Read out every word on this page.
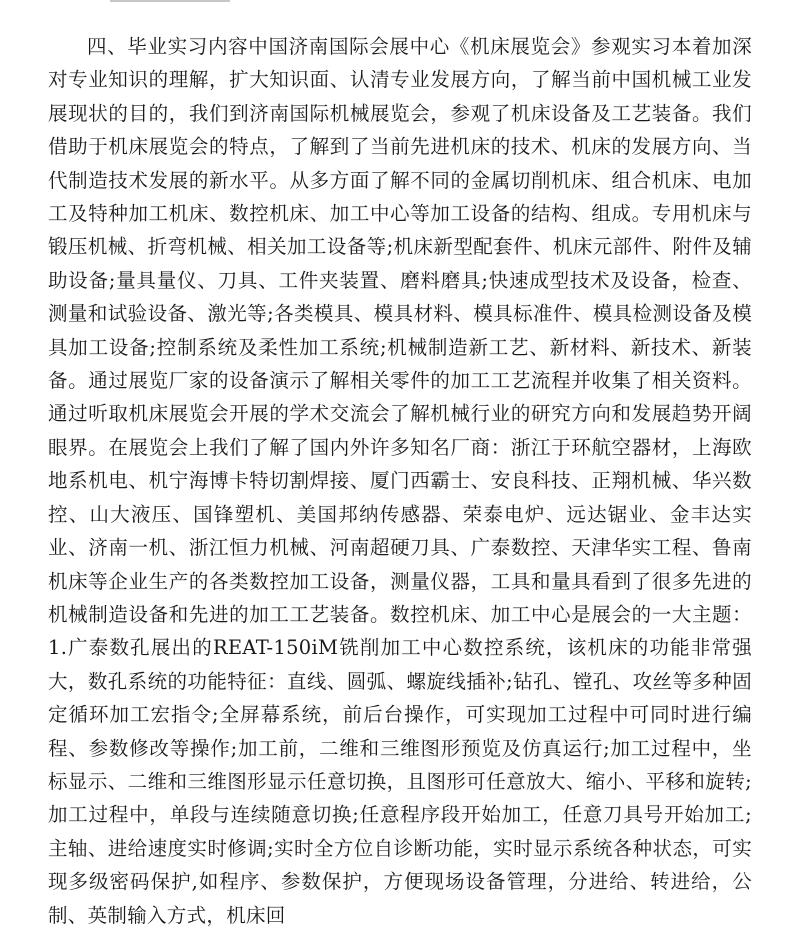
四、毕业实习内容中国济南国际会展中心《机床展览会》参观实习本着加深对专业知识的理解，扩大知识面、认清专业发展方向，了解当前中国机械工业发展现状的目的，我们到济南国际机械展览会，参观了机床设备及工艺装备。我们借助于机床展览会的特点，了解到了当前先进机床的技术、机床的发展方向、当代制造技术发展的新水平。从多方面了解不同的金属切削机床、组合机床、电加工及特种加工机床、数控机床、加工中心等加工设备的结构、组成。专用机床与锻压机械、折弯机械、相关加工设备等;机床新型配套件、机床元部件、附件及辅助设备;量具量仪、刀具、工件夹装置、磨料磨具;快速成型技术及设备，检查、测量和试验设备、激光等;各类模具、模具材料、模具标准件、模具检测设备及模具加工设备;控制系统及柔性加工系统;机械制造新工艺、新材料、新技术、新装备。通过展览厂家的设备演示了解相关零件的加工工艺流程并收集了相关资料。通过听取机床展览会开展的学术交流会了解机械行业的研究方向和发展趋势开阔眼界。在展览会上我们了解了国内外许多知名厂商：浙江于环航空器材，上海欧地系机电、机宁海博卡特切割焊接、厦门西霸士、安良科技、正翔机械、华兴数控、山大液压、国锋塑机、美国邦纳传感器、荣泰电炉、远达锯业、金丰达实业、济南一机、浙江恒力机械、河南超硬刀具、广泰数控、天津华实工程、鲁南机床等企业生产的各类数控加工设备，测量仪器，工具和量具看到了很多先进的机械制造设备和先进的加工工艺装备。数控机床、加工中心是展会的一大主题：1.广泰数孔展出的REAT-150iM铣削加工中心数控系统，该机床的功能非常强大，数孔系统的功能特征：直线、圆弧、螺旋线插补;钻孔、镗孔、攻丝等多种固定循环加工宏指令;全屏幕系统，前后台操作，可实现加工过程中可同时进行编程、参数修改等操作;加工前，二维和三维图形预览及仿真运行;加工过程中，坐标显示、二维和三维图形显示任意切换，且图形可任意放大、缩小、平移和旋转;加工过程中，单段与连续随意切换;任意程序段开始加工，任意刀具号开始加工;主轴、进给速度实时修调;实时全方位自诊断功能，实时显示系统各种状态，可实现多级密码保护,如程序、参数保护，方便现场设备管理，分进给、转进给，公制、英制输入方式，机床回
